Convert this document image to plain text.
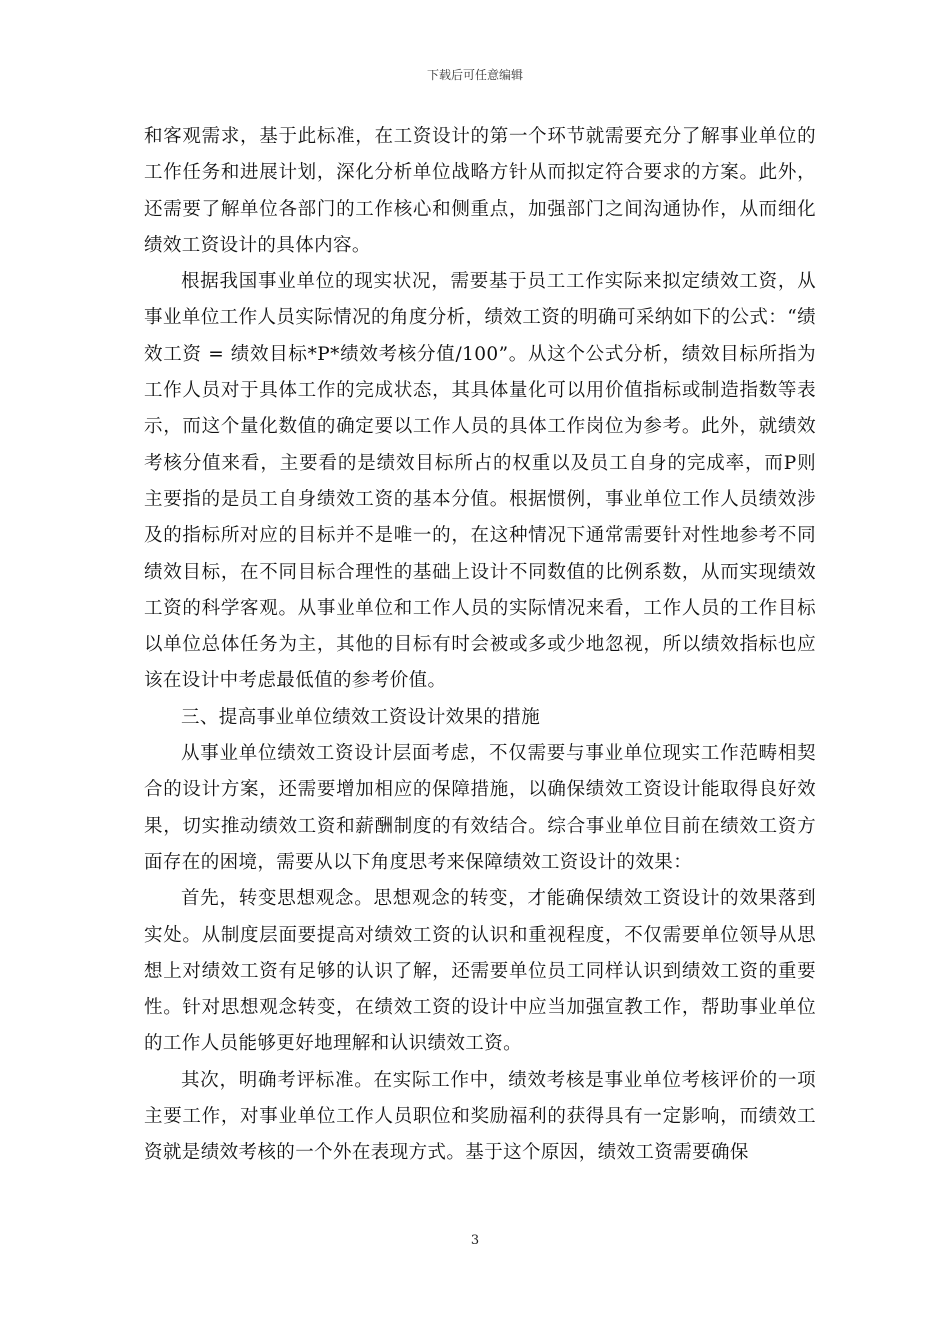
下载后可任意编辑

和客观需求，基于此标准，在工资设计的第一个环节就需要充分了解事业单位的工作任务和进展计划，深化分析单位战略方针从而拟定符合要求的方案。此外，还需要了解单位各部门的工作核心和侧重点，加强部门之间沟通协作，从而细化绩效工资设计的具体内容。

根据我国事业单位的现实状况，需要基于员工工作实际来拟定绩效工资，从事业单位工作人员实际情况的角度分析，绩效工资的明确可采纳如下的公式：“绩效工资 = 绩效目标*P*绩效考核分值/100”。从这个公式分析，绩效目标所指为工作人员对于具体工作的完成状态，其具体量化可以用价值指标或制造指数等表示，而这个量化数值的确定要以工作人员的具体工作岗位为参考。此外，就绩效考核分值来看，主要看的是绩效目标所占的权重以及员工自身的完成率，而P则主要指的是员工自身绩效工资的基本分值。根据惯例，事业单位工作人员绩效涉及的指标所对应的目标并不是唯一的，在这种情况下通常需要针对性地参考不同绩效目标，在不同目标合理性的基础上设计不同数值的比例系数，从而实现绩效工资的科学客观。从事业单位和工作人员的实际情况来看，工作人员的工作目标以单位总体任务为主，其他的目标有时会被或多或少地忽视，所以绩效指标也应该在设计中考虑最低值的参考价值。

三、提高事业单位绩效工资设计效果的措施

从事业单位绩效工资设计层面考虑，不仅需要与事业单位现实工作范畴相契合的设计方案，还需要增加相应的保障措施，以确保绩效工资设计能取得良好效果，切实推动绩效工资和薪酬制度的有效结合。综合事业单位目前在绩效工资方面存在的困境，需要从以下角度思考来保障绩效工资设计的效果：

首先，转变思想观念。思想观念的转变，才能确保绩效工资设计的效果落到实处。从制度层面要提高对绩效工资的认识和重视程度，不仅需要单位领导从思想上对绩效工资有足够的认识了解，还需要单位员工同样认识到绩效工资的重要性。针对思想观念转变，在绩效工资的设计中应当加强宣教工作，帮助事业单位的工作人员能够更好地理解和认识绩效工资。

其次，明确考评标准。在实际工作中，绩效考核是事业单位考核评价的一项主要工作，对事业单位工作人员职位和奖励福利的获得具有一定影响，而绩效工资就是绩效考核的一个外在表现方式。基于这个原因，绩效工资需要确保

3
